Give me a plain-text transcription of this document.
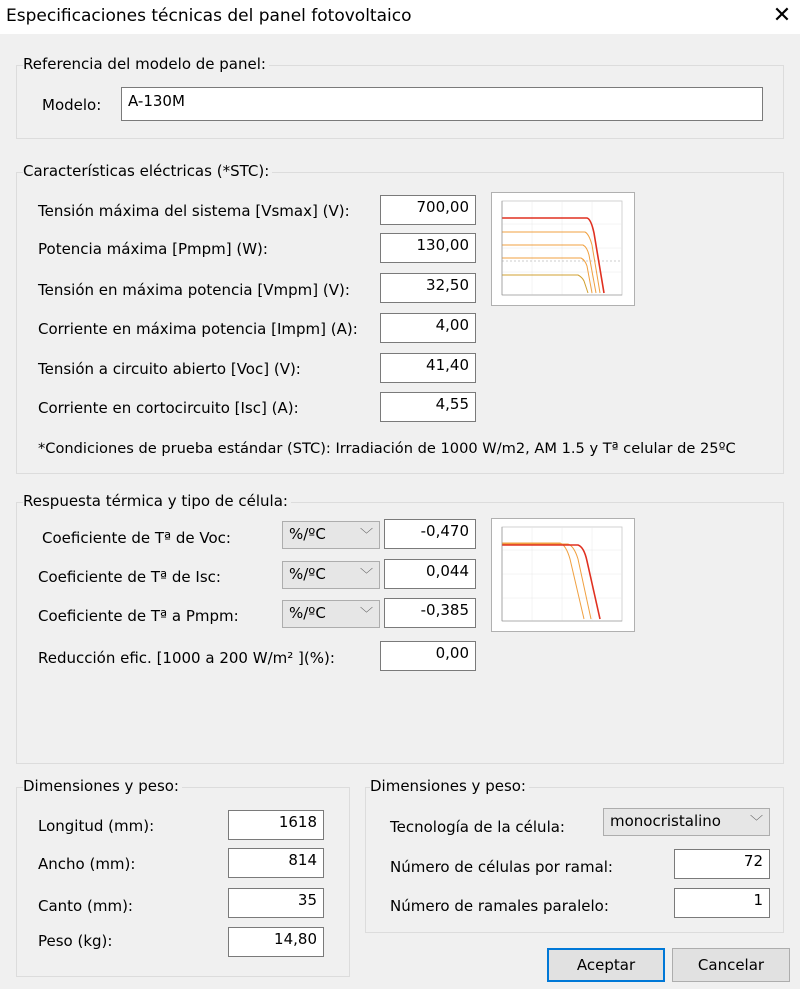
Especificaciones técnicas del panel fotovoltaico	✕
Referencia del modelo de panel:
Modelo:	A-130M
Características eléctricas (*STC):
Tensión máxima del sistema [Vsmax] (V):	700,00
Potencia máxima [Pmpm] (W):	130,00
Tensión en máxima potencia [Vmpm] (V):	32,50
Corriente en máxima potencia [Impm] (A):	4,00
Tensión a circuito abierto [Voc] (V):	41,40
Corriente en cortocircuito [Isc] (A):	4,55
*Condiciones de prueba estándar (STC): Irradiación de 1000 W/m2, AM 1.5 y Tª celular de 25ºC
Respuesta térmica y tipo de célula:
Coeficiente de Tª de Voc:	%/ºC	﹀	-0,470
Coeficiente de Tª de Isc:	%/ºC	﹀	0,044
Coeficiente de Tª a Pmpm:	%/ºC	﹀	-0,385
Reducción efic. [1000 a 200 W/m² ](%):	0,00
Dimensiones y peso:
Longitud (mm):	1618
Ancho (mm):	814
Canto (mm):	35
Peso (kg):	14,80
Dimensiones y peso:
Tecnología de la célula:	monocristalino ﹀
Número de células por ramal:	72
Número de ramales paralelo:	1
Aceptar	Cancelar
